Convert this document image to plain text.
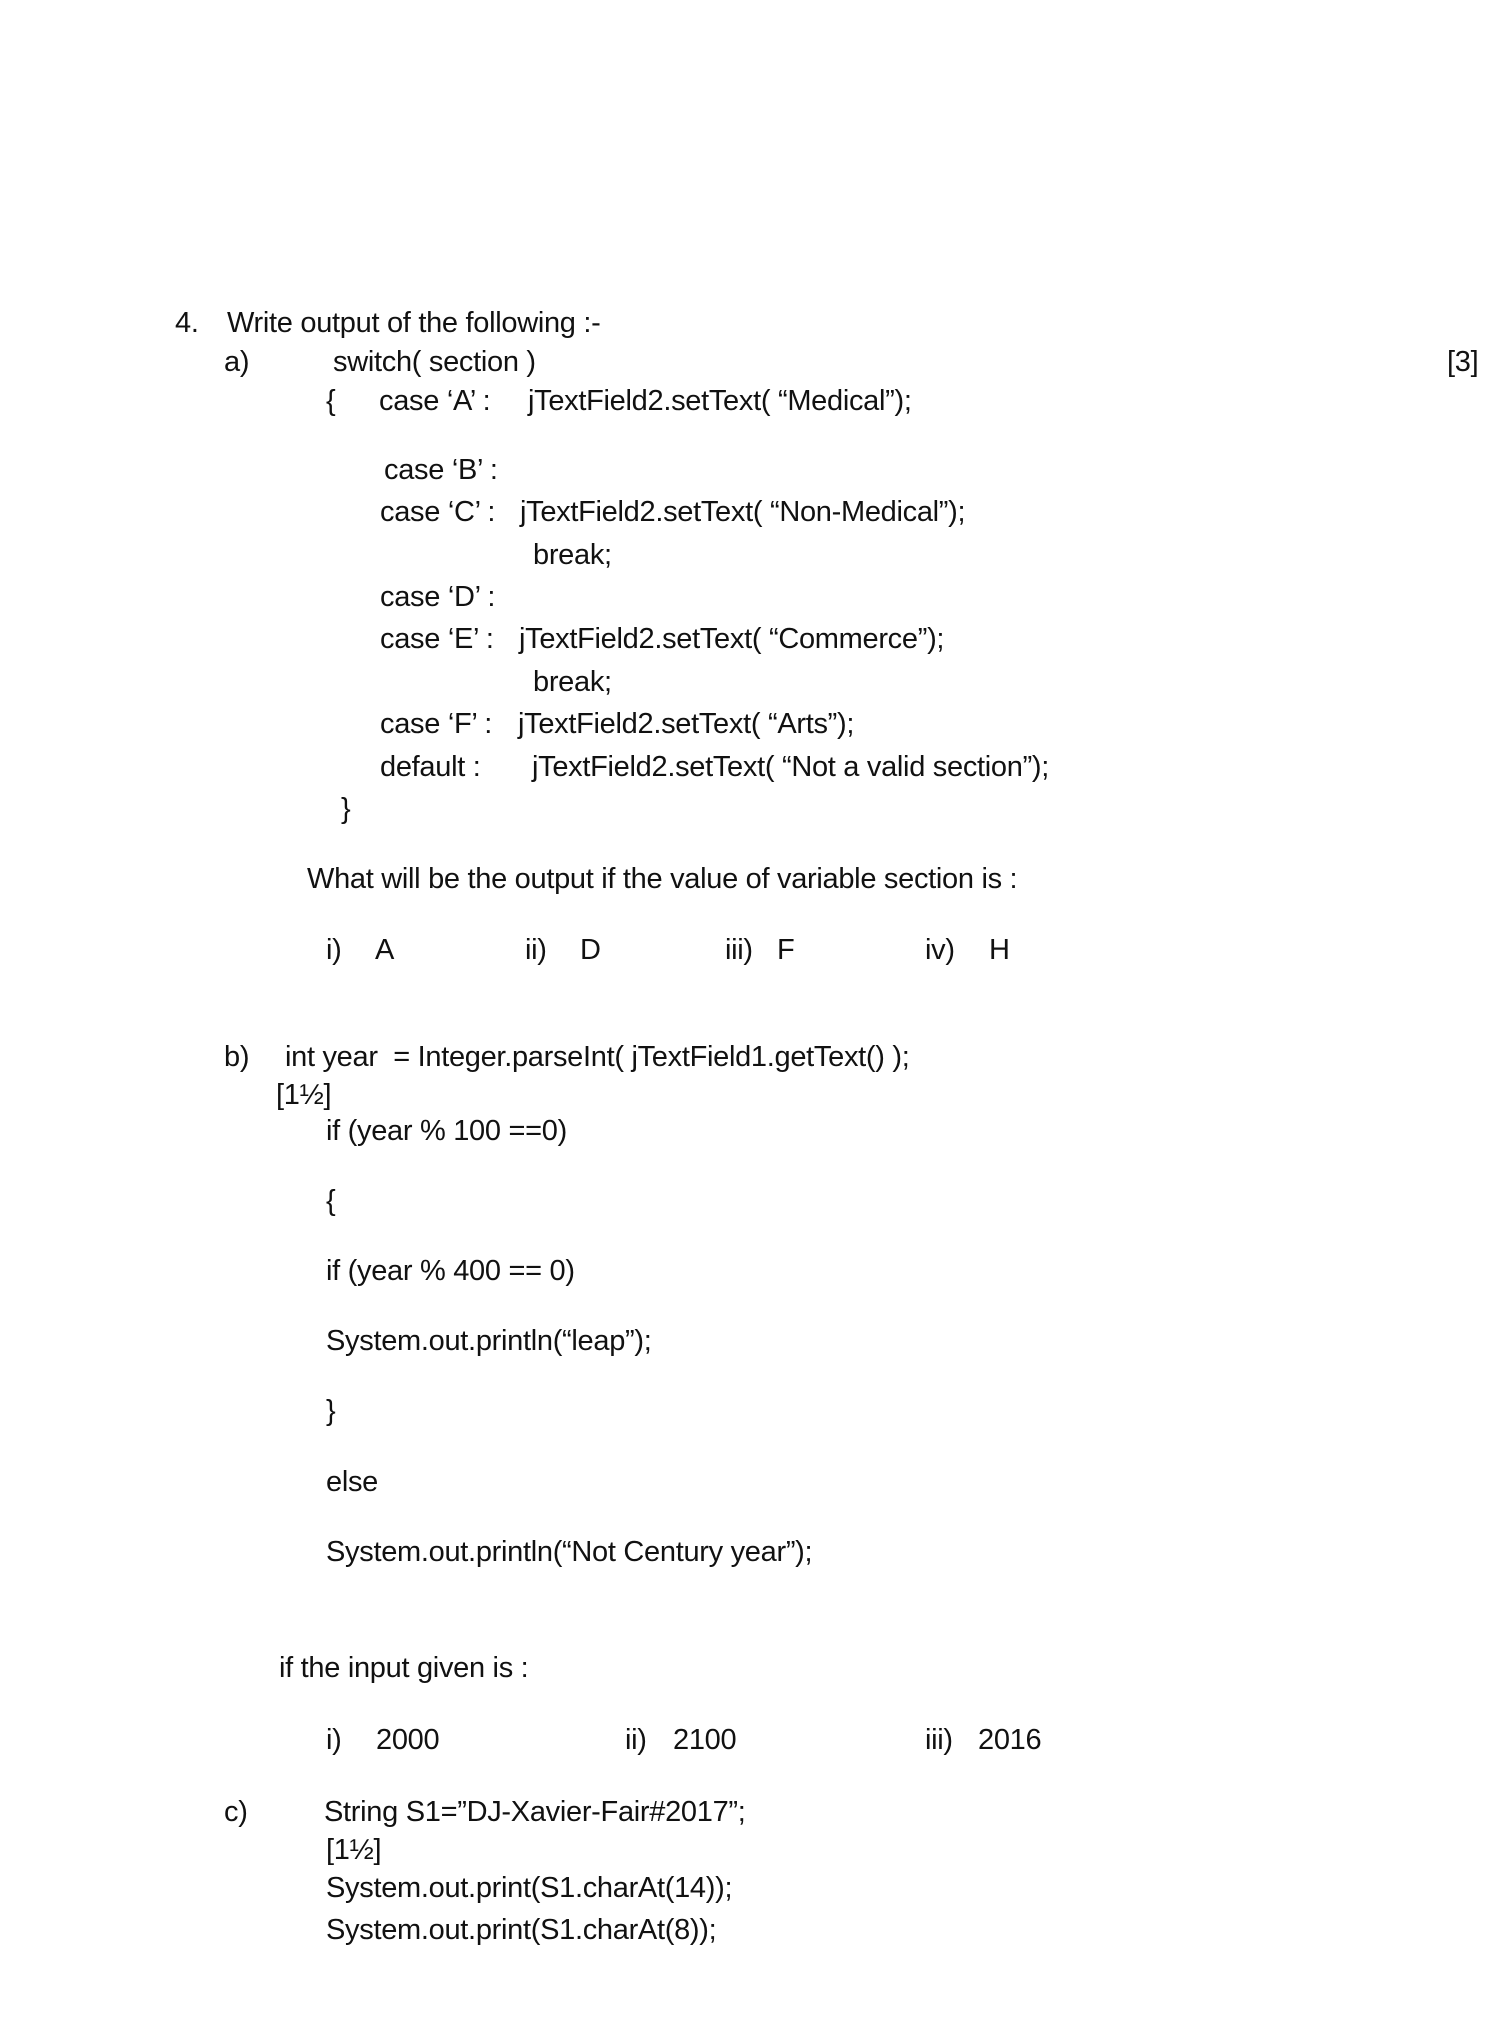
4. Write output of the following :-
a)	switch( section )	[3]
{ case ‘A’ : jTextField2.setText( “Medical”);
case ‘B’ :
case ‘C’ : jTextField2.setText( “Non-Medical”);
break;
case ‘D’ :
case ‘E’ : jTextField2.setText( “Commerce”);
break;
case ‘F’ : jTextField2.setText( “Arts”);
default : jTextField2.setText( “Not a valid section”);
}
What will be the output if the value of variable section is :
i) A	ii) D	iii) F	iv) H
b) int year  = Integer.parseInt( jTextField1.getText() );
[1½]
if (year % 100 ==0)
{
if (year % 400 == 0)
System.out.println(“leap”);
}
else
System.out.println(“Not Century year”);
if the input given is :
i) 2000	ii) 2100	iii) 2016
c)	String S1=”DJ-Xavier-Fair#2017”;
[1½]
System.out.print(S1.charAt(14));
System.out.print(S1.charAt(8));
